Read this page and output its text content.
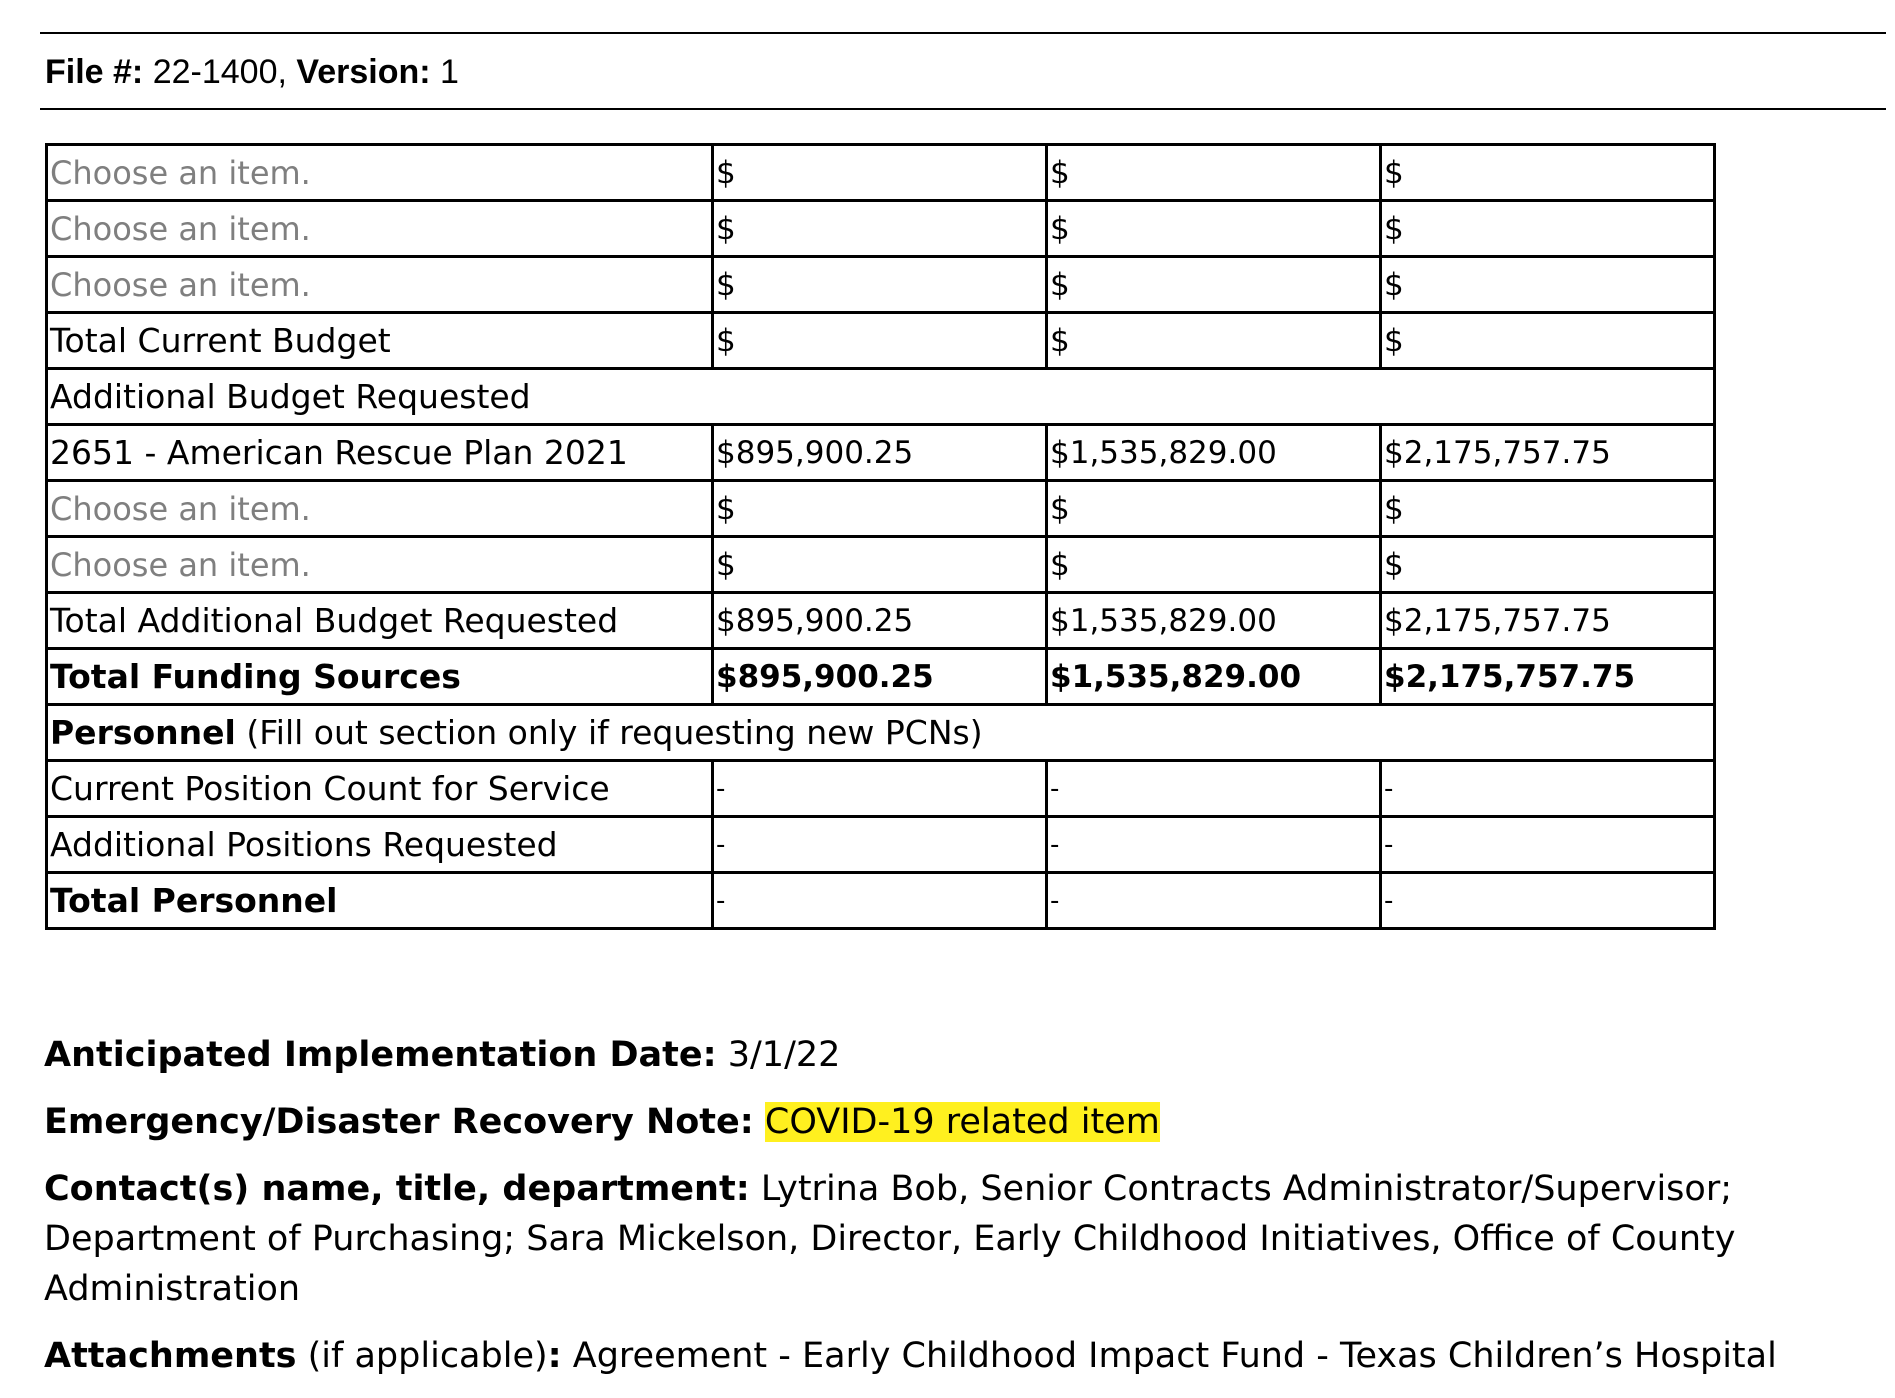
File #: 22-1400, Version: 1
Choose an item.	$	$	$
Choose an item.	$	$	$
Choose an item.	$	$	$
Total Current Budget	$	$	$
Additional Budget Requested			
2651 - American Rescue Plan 2021	$895,900.25	$1,535,829.00	$2,175,757.75
Choose an item.	$	$	$
Choose an item.	$	$	$
Total Additional Budget Requested	$895,900.25	$1,535,829.00	$2,175,757.75
Total Funding Sources	$895,900.25	$1,535,829.00	$2,175,757.75
Personnel (Fill out section only if requesting new PCNs)			
Current Position Count for Service	-	-	-
Additional Positions Requested	-	-	-
Total Personnel	-	-	-

Anticipated Implementation Date: 3/1/22

Emergency/Disaster Recovery Note: COVID-19 related item

Contact(s) name, title, department: Lytrina Bob, Senior Contracts Administrator/Supervisor; Department of Purchasing; Sara Mickelson, Director, Early Childhood Initiatives, Office of County Administration

Attachments (if applicable): Agreement - Early Childhood Impact Fund - Texas Children’s Hospital
